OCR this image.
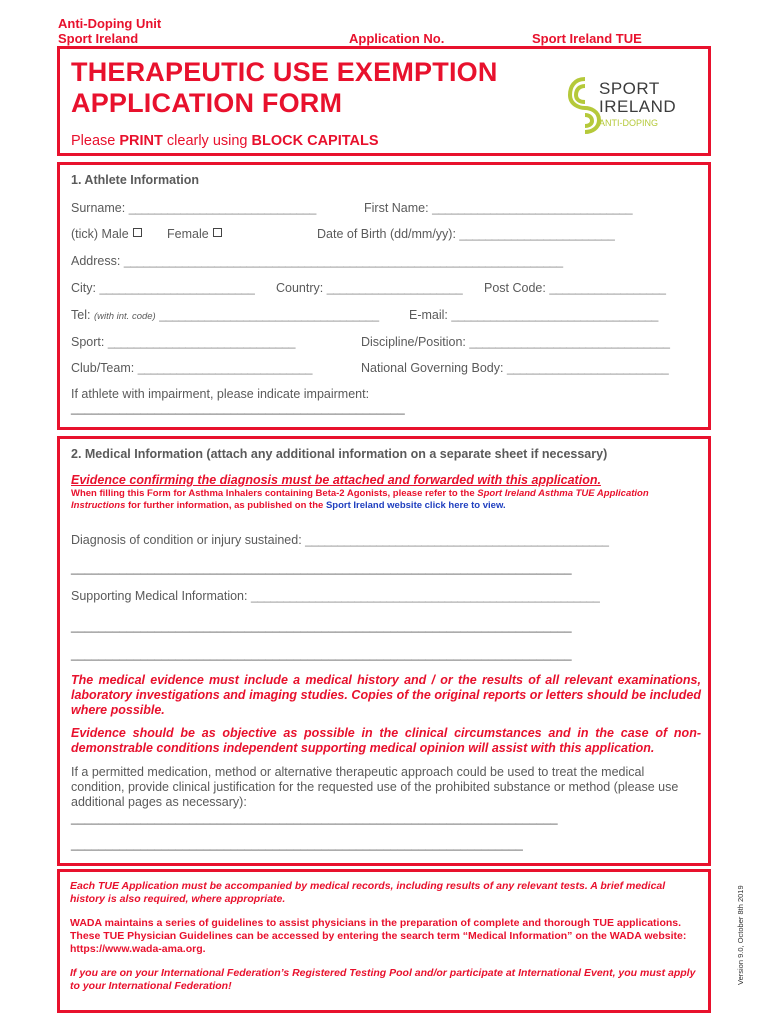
Anti-Doping Unit
Sport Ireland	Application No.	Sport Ireland TUE
THERAPEUTIC USE EXEMPTION
APPLICATION FORM
Please PRINT clearly using BLOCK CAPITALS
SPORT
IRELAND
ANTI-DOPING
1. Athlete Information
Surname: _____________________________	First Name: _______________________________
(tick) Male	Female	Date of Birth (dd/mm/yy): ________________________
Address: ____________________________________________________________________
City: ________________________ Country: _____________________ Post Code: __________________
Tel: (with int. code) __________________________________ E-mail: ________________________________
Sport: _____________________________	Discipline/Position: _______________________________
Club/Team: ___________________________	National Governing Body: _________________________
If athlete with impairment, please indicate impairment:
________________________________________________
2. Medical Information (attach any additional information on a separate sheet if necessary)
Evidence confirming the diagnosis must be attached and forwarded with this application.
When filling this Form for Asthma Inhalers containing Beta-2 Agonists, please refer to the Sport Ireland Asthma TUE Application Instructions for further information, as published on the Sport Ireland website click here to view.
Diagnosis of condition or injury sustained: _______________________________________________
________________________________________________________________________
Supporting Medical Information: ______________________________________________________
________________________________________________________________________
________________________________________________________________________
The medical evidence must include a medical history and / or the results of all relevant examinations, laboratory investigations and imaging studies. Copies of the original reports or letters should be included where possible.
Evidence should be as objective as possible in the clinical circumstances and in the case of non-demonstrable conditions independent supporting medical opinion will assist with this application.
If a permitted medication, method or alternative therapeutic approach could be used to treat the medical condition, provide clinical justification for the requested use of the prohibited substance or method (please use additional pages as necessary):
______________________________________________________________________
_________________________________________________________________
Each TUE Application must be accompanied by medical records, including results of any relevant tests. A brief medical history is also required, where appropriate.
WADA maintains a series of guidelines to assist physicians in the preparation of complete and thorough TUE applications. These TUE Physician Guidelines can be accessed by entering the search term “Medical Information” on the WADA website: https://www.wada-ama.org.
If you are on your International Federation’s Registered Testing Pool and/or participate at International Event, you must apply to your International Federation!
Version 9.0, October 8th 2019
